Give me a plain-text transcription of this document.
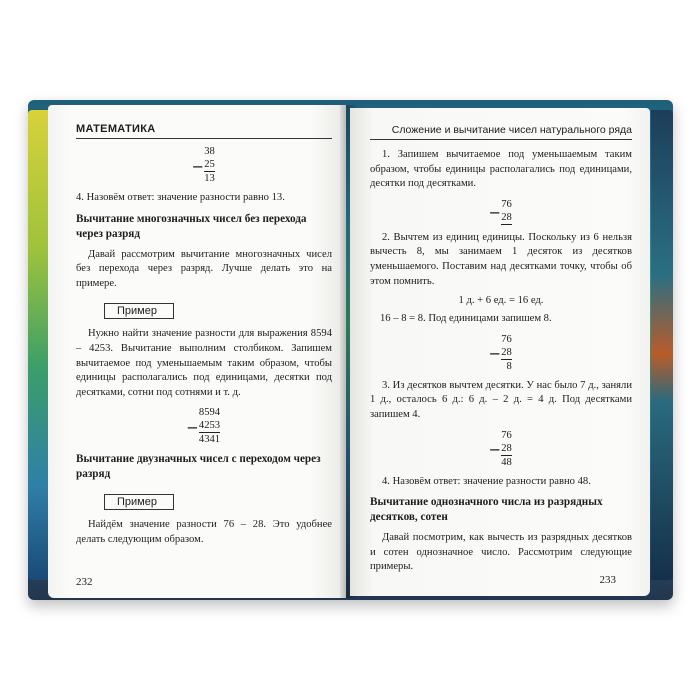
МАТЕМАТИКА
–
38
25
13

4. Назовём ответ: значение разности равно 13.

Вычитание многозначных чисел без перехода через разряд

Давай рассмотрим вычитание многозначных чисел без перехода через разряд. Лучше делать это на примере.

Пример

Нужно найти значение разности для выражения 8594 – 4253. Вычитание выполним столбиком. Запишем вычитаемое под уменьшаемым таким образом, чтобы единицы располагались под единицами, десятки под десятками, сотни под сотнями и т. д.

–
8594
4253
4341
Вычитание двузначных чисел с переходом через разряд
Пример

Найдём значение разности 76 – 28. Это удобнее делать следующим образом.

232
Сложение и вычитание чисел натурального ряда

1. Запишем вычитаемое под уменьшаемым таким образом, чтобы единицы располагались под единицами, десятки под десятками.

– 76
28

2. Вычтем из единиц единицы. Поскольку из 6 нельзя вычесть 8, мы занимаем 1 десяток из десятков уменьшаемого. Поставим над десятками точку, чтобы об этом помнить.

1 д. + 6 ед. = 16 ед.

16 – 8 = 8. Под единицами запишем 8.

–
76
28
8

3. Из десятков вычтем десятки. У нас было 7 д., заняли 1 д., осталось 6 д.: 6 д. – 2 д. = 4 д. Под десятками запишем 4.

–
76
28
48

4. Назовём ответ: значение разности равно 48.

Вычитание однозначного числа из разрядных десятков, сотен

Давай посмотрим, как вычесть из разрядных десятков и сотен однозначное число. Рассмотрим следующие примеры.

233
